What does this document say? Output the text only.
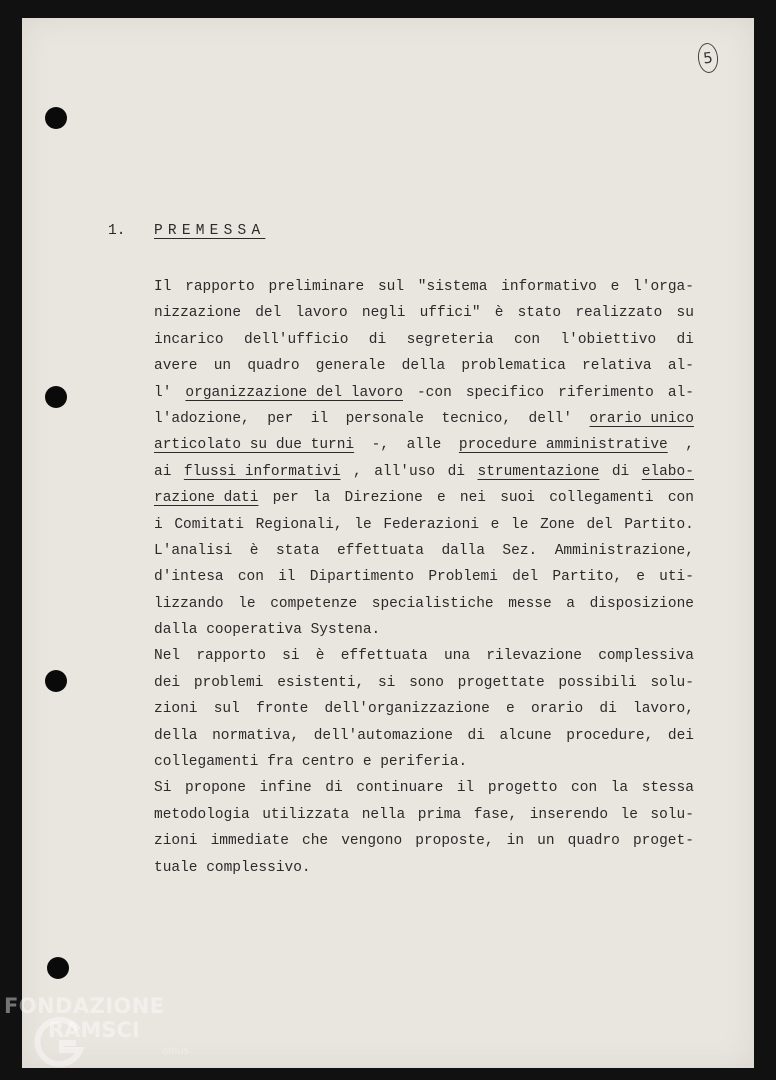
5
1. PREMESSA
Il rapporto preliminare sul "sistema informativo e l'orga-
nizzazione del lavoro negli uffici" è stato realizzato su
incarico dell'ufficio di segreteria con l'obiettivo di
avere un quadro generale della problematica relativa al-
l' organizzazione del lavoro -con specifico riferimento al-
l'adozione, per il personale tecnico, dell' orario unico
articolato su due turni -, alle procedure amministrative ,
ai flussi informativi , all'uso di strumentazione di elabo-
razione dati per la Direzione e nei suoi collegamenti con
i Comitati Regionali, le Federazioni e le Zone del Partito.
L'analisi è stata effettuata dalla Sez. Amministrazione,
d'intesa con il Dipartimento Problemi del Partito, e uti-
lizzando le competenze specialistiche messe a disposizione
dalla cooperativa Systena.
Nel rapporto si è effettuata una rilevazione complessiva
dei problemi esistenti, si sono progettate possibili solu-
zioni sul fronte dell'organizzazione e orario di lavoro,
della normativa, dell'automazione di alcune procedure, dei
collegamenti fra centro e periferia.
Si propone infine di continuare il progetto con la stessa
metodologia utilizzata nella prima fase, inserendo le solu-
zioni immediate che vengono proposte, in un quadro proget-
tuale complessivo.
FONDAZIONE
RAMSCI
onlus
